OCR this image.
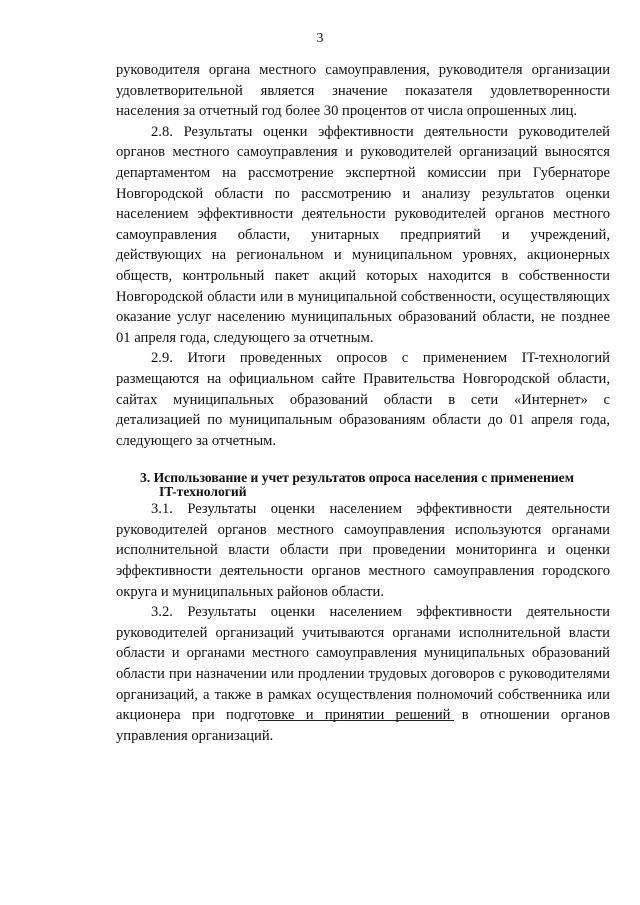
3

руководителя органа местного самоуправления, руководителя организации удовлетворительной является значение показателя удовлетворенности населения за отчетный год более 30 процентов от числа опрошенных лиц.

2.8. Результаты оценки эффективности деятельности руководителей органов местного самоуправления и руководителей организаций выносятся департаментом на рассмотрение экспертной комиссии при Губернаторе Новгородской области по рассмотрению и анализу результатов оценки населением эффективности деятельности руководителей органов местного самоуправления области, унитарных предприятий и учреждений, действующих на региональном и муниципальном уровнях, акционерных обществ, контрольный пакет акций которых находится в собственности Новгородской области или в муниципальной собственности, осуществляющих оказание услуг населению муниципальных образований области, не позднее 01 апреля года, следующего за отчетным.

2.9. Итоги проведенных опросов с применением IT-технологий размещаются на официальном сайте Правительства Новгородской области, сайтах муниципальных образований области в сети «Интернет» с детализацией по муниципальным образованиям области до 01 апреля года, следующего за отчетным.

3. Использование и учет результатов опроса населения с применением
IT-технологий

3.1. Результаты оценки населением эффективности деятельности руководителей органов местного самоуправления используются органами исполнительной власти области при проведении мониторинга и оценки эффективности деятельности органов местного самоуправления городского округа и муниципальных районов области.

3.2. Результаты оценки населением эффективности деятельности руководителей организаций учитываются органами исполнительной власти области и органами местного самоуправления муниципальных образований области при назначении или продлении трудовых договоров с руководителями организаций, а также в рамках осуществления полномочий собственника или акционера при подготовке и принятии решений в отношении органов управления организаций.
